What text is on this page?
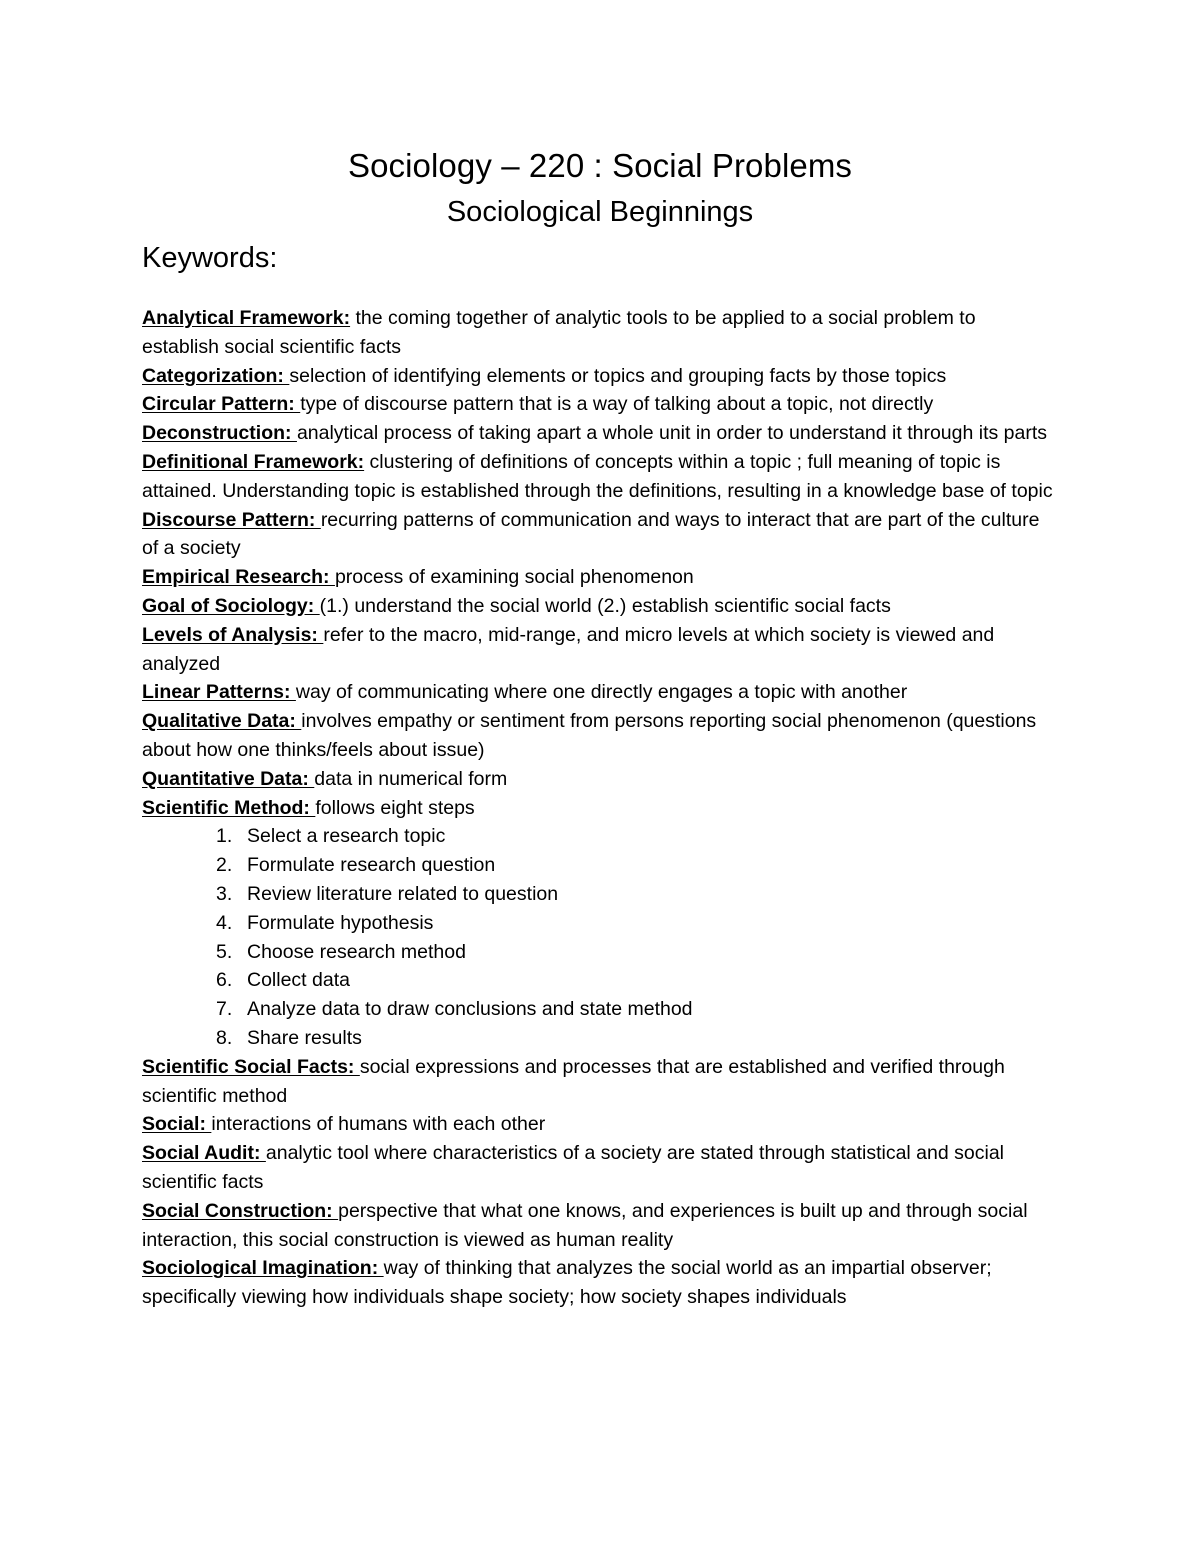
Sociology – 220 : Social Problems
Sociological Beginnings
Keywords:

Analytical Framework: the coming together of analytic tools to be applied to a social problem to establish social scientific facts

Categorization: selection of identifying elements or topics and grouping facts by those topics

Circular Pattern: type of discourse pattern that is a way of talking about a topic, not directly

Deconstruction: analytical process of taking apart a whole unit in order to understand it through its parts

Definitional Framework: clustering of definitions of concepts within a topic ; full meaning of topic is attained. Understanding topic is established through the definitions, resulting in a knowledge base of topic

Discourse Pattern: recurring patterns of communication and ways to interact that are part of the culture of a society

Empirical Research: process of examining social phenomenon

Goal of Sociology: (1.) understand the social world (2.) establish scientific social facts

Levels of Analysis: refer to the macro, mid-range, and micro levels at which society is viewed and analyzed

Linear Patterns: way of communicating where one directly engages a topic with another

Qualitative Data: involves empathy or sentiment from persons reporting social phenomenon (questions about how one thinks/feels about issue)

Quantitative Data: data in numerical form

Scientific Method: follows eight steps

1. Select a research topic
2. Formulate research question
3. Review literature related to question
4. Formulate hypothesis
5. Choose research method
6. Collect data
7. Analyze data to draw conclusions and state method
8. Share results

Scientific Social Facts: social expressions and processes that are established and verified through scientific method

Social: interactions of humans with each other

Social Audit: analytic tool where characteristics of a society are stated through statistical and social scientific facts

Social Construction: perspective that what one knows, and experiences is built up and through social interaction, this social construction is viewed as human reality

Sociological Imagination: way of thinking that analyzes the social world as an impartial observer; specifically viewing how individuals shape society; how society shapes individuals
